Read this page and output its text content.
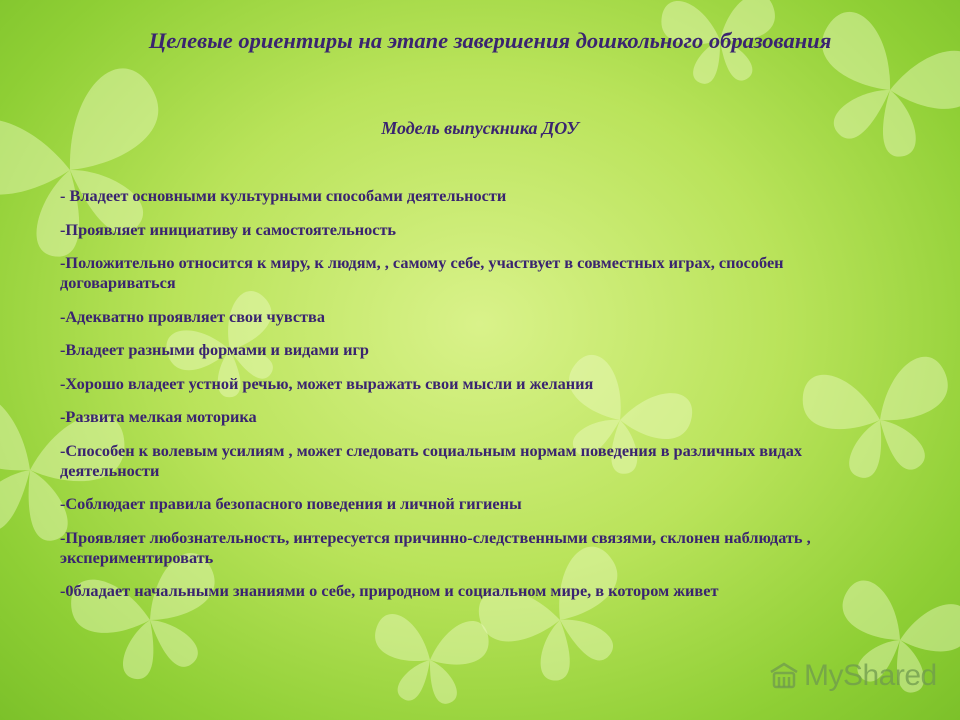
Целевые ориентиры на этапе завершения дошкольного образования
Модель выпускника ДОУ
- Владеет основными культурными способами деятельности
-Проявляет инициативу и самостоятельность
-Положительно относится к миру, к людям, , самому себе, участвует в совместных играх, способен договариваться
-Адекватно проявляет свои чувства
-Владеет разными формами и видами игр
-Хорошо владеет устной речью, может выражать свои мысли и желания
-Развита мелкая моторика
-Способен к волевым усилиям , может следовать социальным нормам поведения в различных видах деятельности
-Соблюдает правила безопасного поведения и личной гигиены
-Проявляет любознательность, интересуется причинно-следственными связями, склонен наблюдать , экспериментировать
-0бладает начальными знаниями о себе, природном и социальном мире, в котором живет
MyShared
